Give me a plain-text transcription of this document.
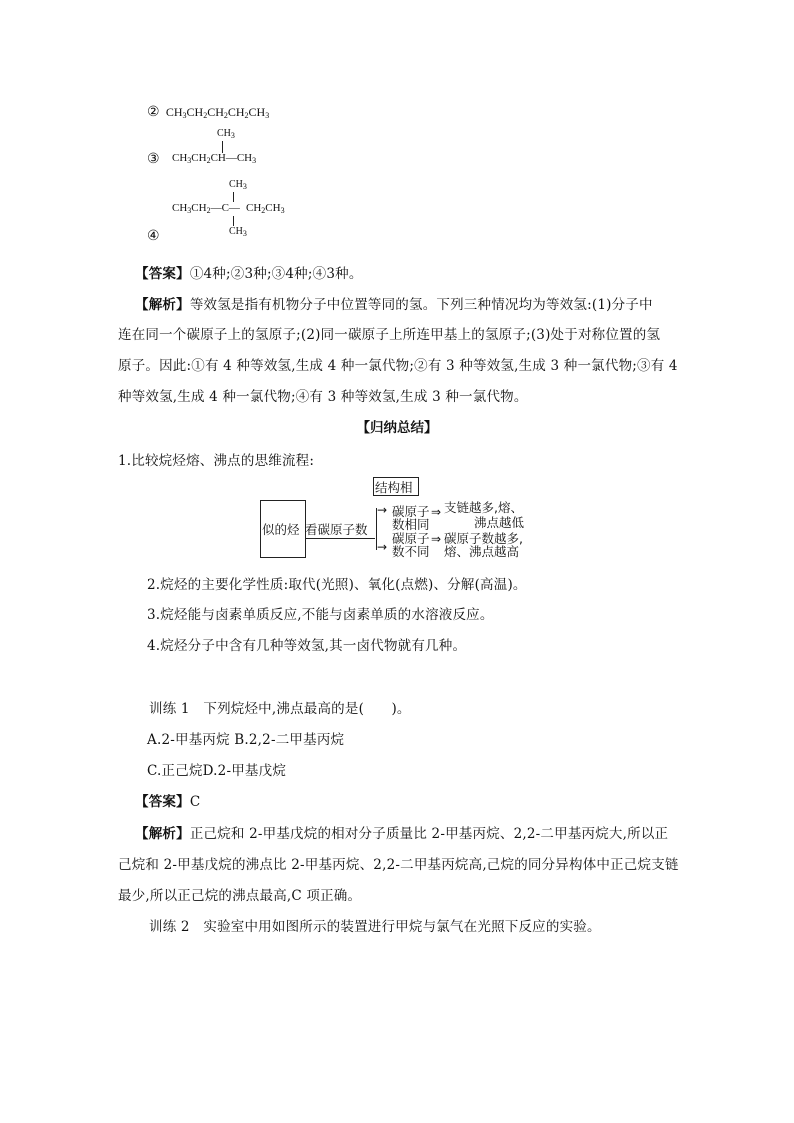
② $CH_3CH_2CH_2CH_2CH_3$
$CH_3$
③ $CH_3CH_2CH—CH_3$
$CH_3$
$CH_3CH_2—C—$ $CH_2CH_3$
$CH_3$
④
【答案】①4种;②3种;③4种;④3种。
【解析】等效氢是指有机物分子中位置等同的氢。下列三种情况均为等效氢:(1)分子中
连在同一个碳原子上的氢原子;(2)同一碳原子上所连甲基上的氢原子;(3)处于对称位置的氢
原子。因此:①有 4 种等效氢,生成 4 种一氯代物;②有 3 种等效氢,生成 3 种一氯代物;③有 4
种等效氢,生成 4 种一氯代物;④有 3 种等效氢,生成 3 种一氯代物。
【归纳总结】
1.比较烷烃熔、沸点的思维流程:
结构相
似的烃 看碳原子数
→
→
碳原子
数相同
⇒ 支链越多,熔、
沸点越低
碳原子
数不同
⇒ 碳原子数越多,
熔、沸点越高
2.烷烃的主要化学性质:取代(光照)、氧化(点燃)、分解(高温)。
3.烷烃能与卤素单质反应,不能与卤素单质的水溶液反应。
4.烷烃分子中含有几种等效氢,其一卤代物就有几种。
训练 1　下列烷烃中,沸点最高的是(　　)。
A.2-甲基丙烷 B.2,2-二甲基丙烷
C.正己烷D.2-甲基戊烷
【答案】C
【解析】正己烷和 2-甲基戊烷的相对分子质量比 2-甲基丙烷、2,2-二甲基丙烷大,所以正
己烷和 2-甲基戊烷的沸点比 2-甲基丙烷、2,2-二甲基丙烷高,己烷的同分异构体中正己烷支链
最少,所以正己烷的沸点最高,C 项正确。
训练 2　实验室中用如图所示的装置进行甲烷与氯气在光照下反应的实验。
